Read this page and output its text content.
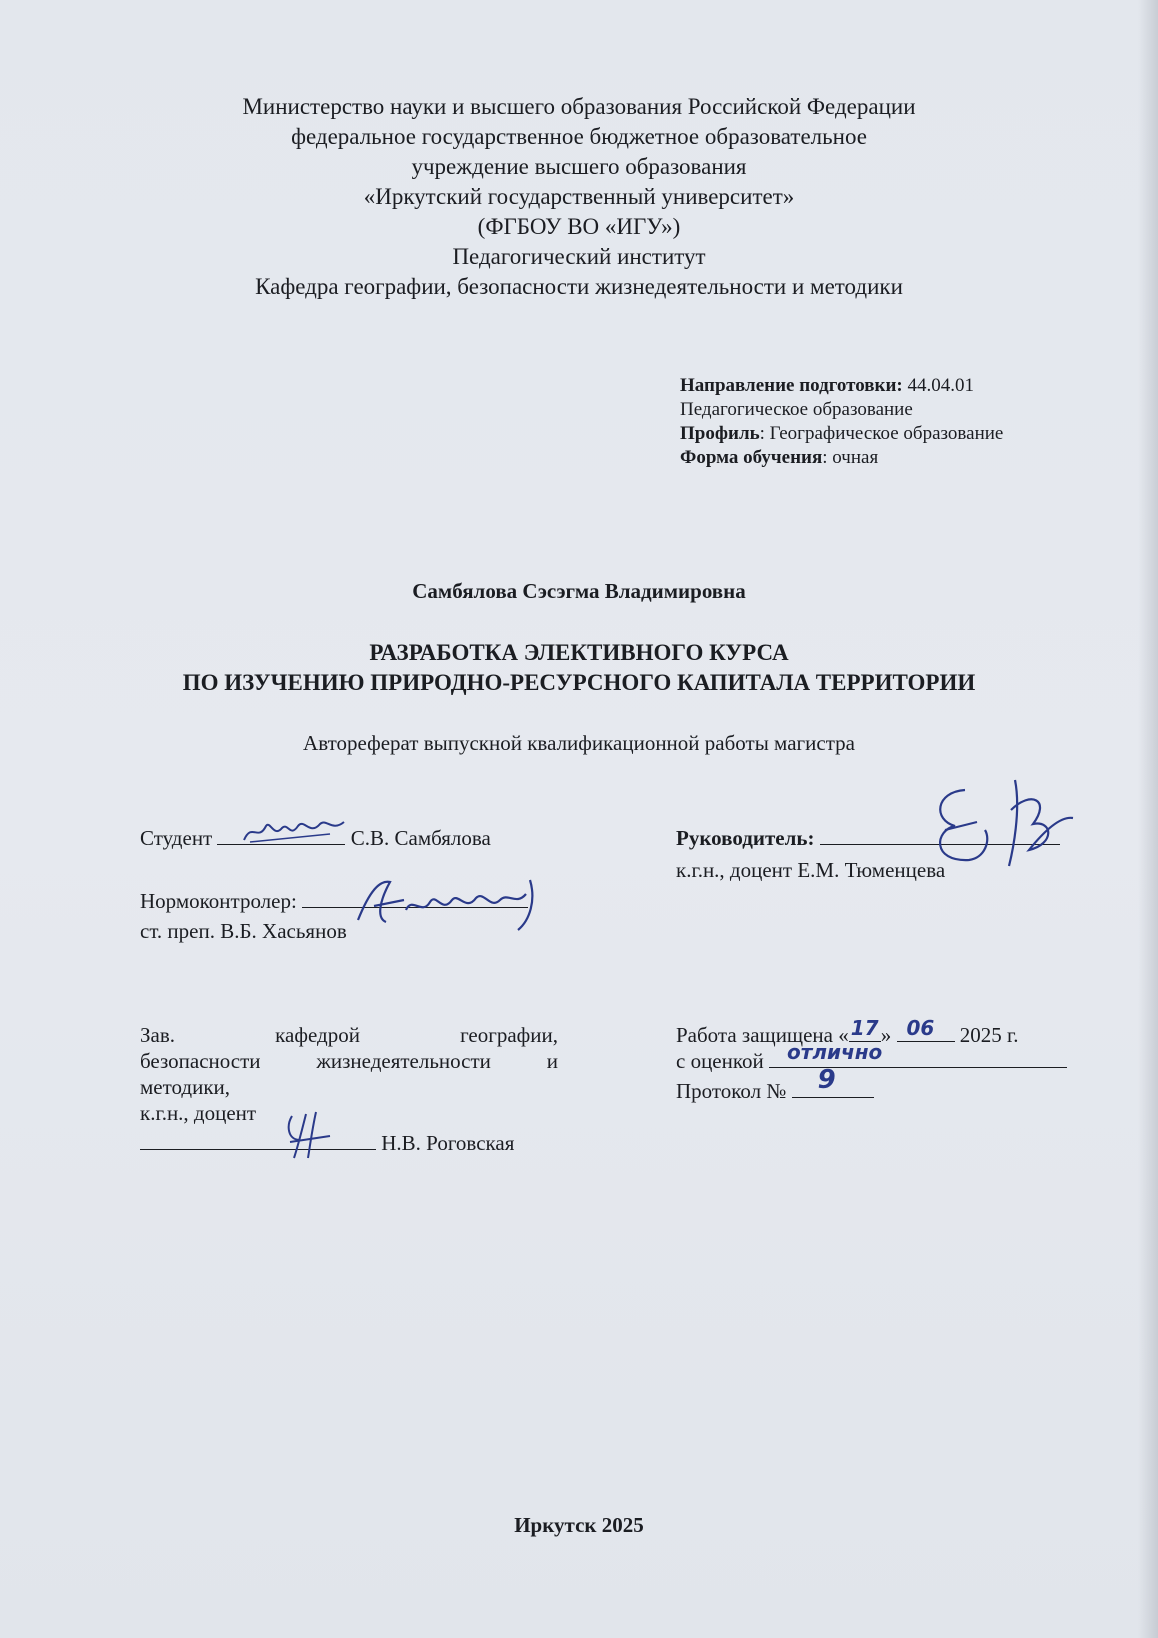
Министерство науки и высшего образования Российской Федерации
федеральное государственное бюджетное образовательное
учреждение высшего образования
«Иркутский государственный университет»
(ФГБОУ ВО «ИГУ»)
Педагогический институт
Кафедра географии, безопасности жизнедеятельности и методики
Направление подготовки: 44.04.01
Педагогическое образование
Профиль: Географическое образование
Форма обучения: очная
Самбялова Сэсэгма Владимировна
РАЗРАБОТКА ЭЛЕКТИВНОГО КУРСА
ПО ИЗУЧЕНИЮ ПРИРОДНО-РЕСУРСНОГО КАПИТАЛА ТЕРРИТОРИИ
Автореферат выпускной квалификационной работы магистра
Студент	С.В. Самбялова	Руководитель:
к.г.н., доцент Е.М. Тюменцева
Нормоконтролер:
ст. преп. В.Б. Хасьянов
Зав. кафедрой географии,
безопасности жизнедеятельности и
методики,
к.г.н., доцент
Н.В. Роговская
Работа защищена « 17 » 06 2025 г.
с оценкой отлично
Протокол № 9
Иркутск 2025
